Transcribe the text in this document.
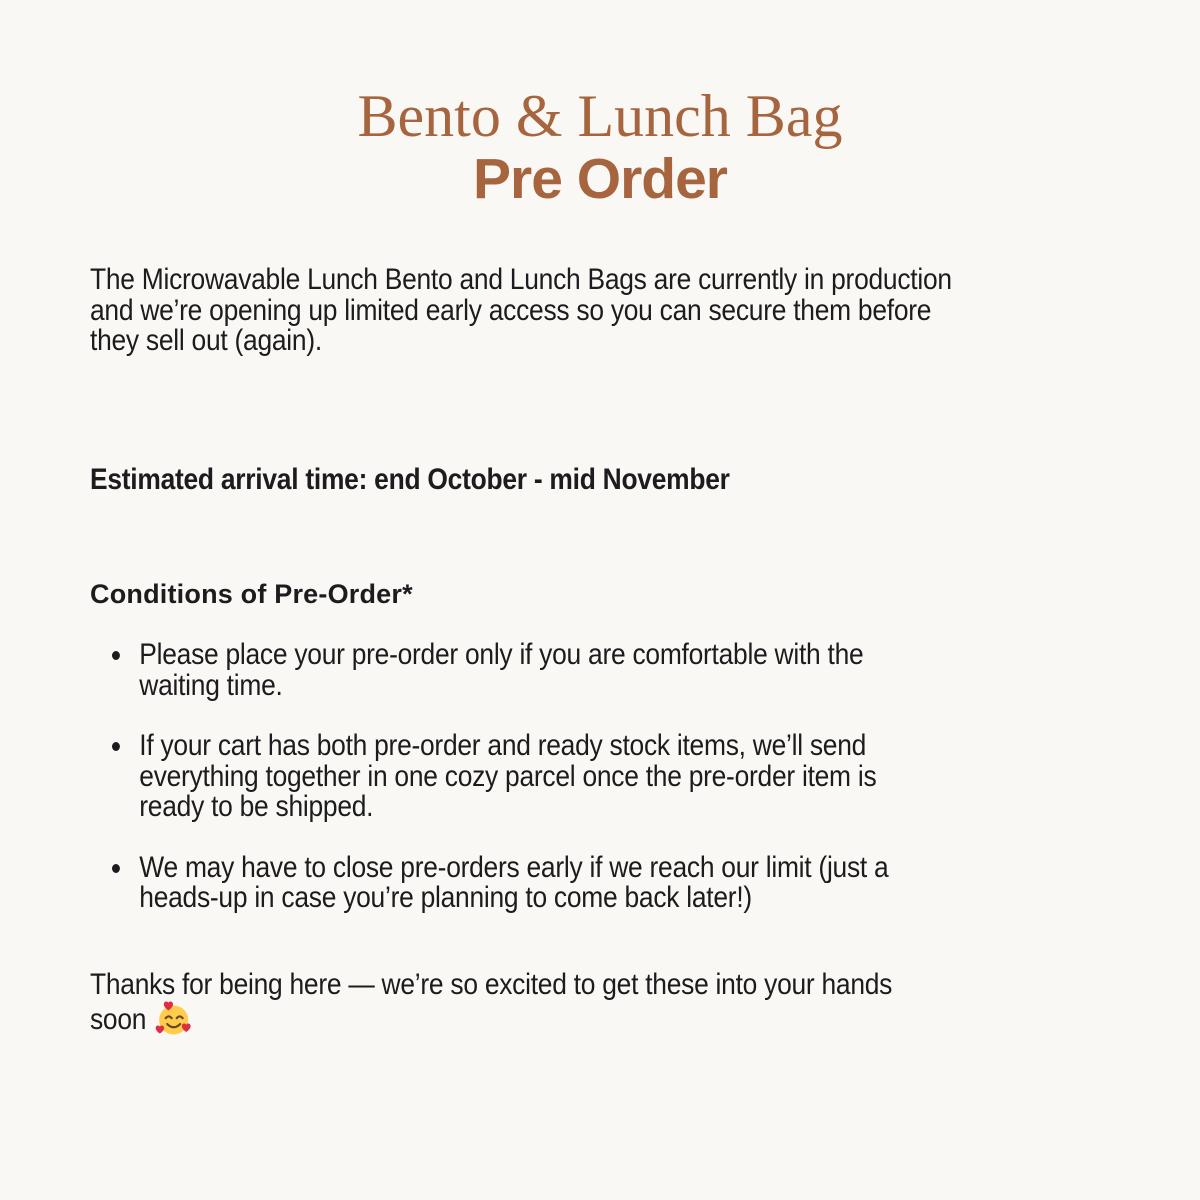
Bento & Lunch Bag
Pre Order
The Microwavable Lunch Bento and Lunch Bags are currently in production
and we’re opening up limited early access so you can secure them before
they sell out (again).
Estimated arrival time: end October - mid November
Conditions of Pre-Order*
Please place your pre-order only if you are comfortable with the
waiting time.
If your cart has both pre-order and ready stock items, we’ll send
everything together in one cozy parcel once the pre-order item is
ready to be shipped.
We may have to close pre-orders early if we reach our limit (just a
heads-up in case you’re planning to come back later!)
Thanks for being here — we’re so excited to get these into your hands
soon
